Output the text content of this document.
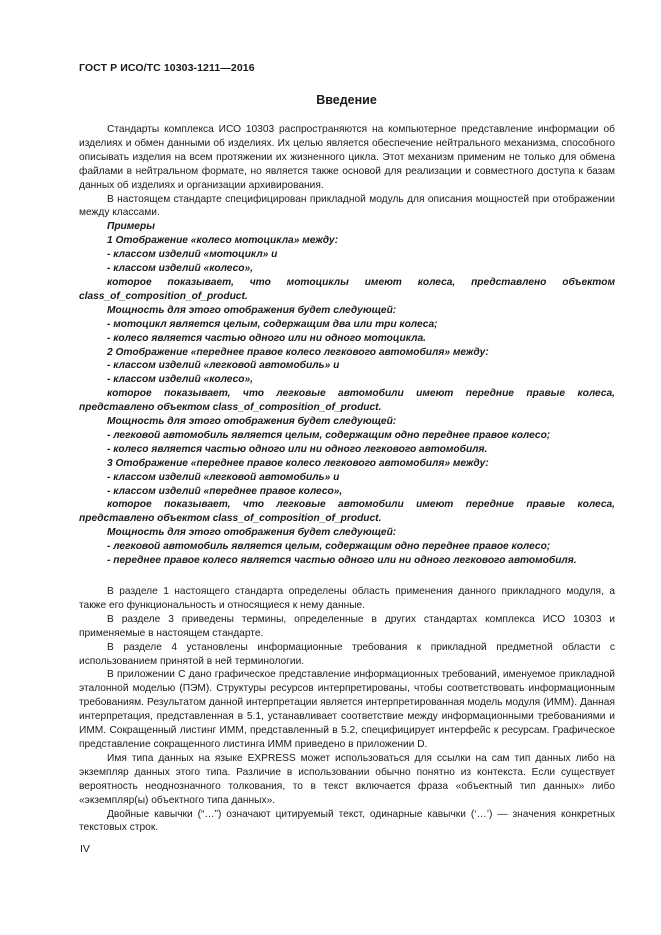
ГОСТ Р ИСО/ТС 10303-1211—2016
Введение

Стандарты комплекса ИСО 10303 распространяются на компьютерное представление информации об изделиях и обмен данными об изделиях. Их целью является обеспечение нейтрального механизма, способного описывать изделия на всем протяжении их жизненного цикла. Этот механизм применим не только для обмена файлами в нейтральном формате, но является также основой для реализации и совместного доступа к базам данных об изделиях и организации архивирования.

В настоящем стандарте специфицирован прикладной модуль для описания мощностей при отображении между классами.

Примеры

1 Отображение «колесо мотоцикла» между:

- классом изделий «мотоцикл» и

- классом изделий «колесо»,

которое показывает, что мотоциклы имеют колеса, представлено объектом

class_of_composition_of_product.

Мощность для этого отображения будет следующей:

- мотоцикл является целым, содержащим два или три колеса;

- колесо является частью одного или ни одного мотоцикла.

2 Отображение «переднее правое колесо легкового автомобиля» между:

- классом изделий «легковой автомобиль» и

- классом изделий «колесо»,

которое показывает, что легковые автомобили имеют передние правые колеса, представлено объектом class_of_composition_of_product.

Мощность для этого отображения будет следующей:

- легковой автомобиль является целым, содержащим одно переднее правое колесо;

- колесо является частью одного или ни одного легкового автомобиля.

3 Отображение «переднее правое колесо легкового автомобиля» между:

- классом изделий «легковой автомобиль» и

- классом изделий «переднее правое колесо»,

которое показывает, что легковые автомобили имеют передние правые колеса, представлено объектом class_of_composition_of_product.

Мощность для этого отображения будет следующей:

- легковой автомобиль является целым, содержащим одно переднее правое колесо;

- переднее правое колесо является частью одного или ни одного легкового автомобиля.

В разделе 1 настоящего стандарта определены область применения данного прикладного модуля, а также его функциональность и относящиеся к нему данные.

В разделе 3 приведены термины, определенные в других стандартах комплекса ИСО 10303 и применяемые в настоящем стандарте.

В разделе 4 установлены информационные требования к прикладной предметной области с использованием принятой в ней терминологии.

В приложении С дано графическое представление информационных требований, именуемое прикладной эталонной моделью (ПЭМ). Структуры ресурсов интерпретированы, чтобы соответствовать информационным требованиям. Результатом данной интерпретации является интерпретированная модель модуля (ИММ). Данная интерпретация, представленная в 5.1, устанавливает соответствие между информационными требованиями и ИММ. Сокращенный листинг ИММ, представленный в 5.2, специфицирует интерфейс к ресурсам. Графическое представление сокращенного листинга ИММ приведено в приложении D.

Имя типа данных на языке EXPRESS может использоваться для ссылки на сам тип данных либо на экземпляр данных этого типа. Различие в использовании обычно понятно из контекста. Если существует вероятность неоднозначного толкования, то в текст включается фраза «объектный тип данных» либо «экземпляр(ы) объектного типа данных».

Двойные кавычки (“…”) означают цитируемый текст, одинарные кавычки (‘…’) — значения конкретных текстовых строк.

IV
